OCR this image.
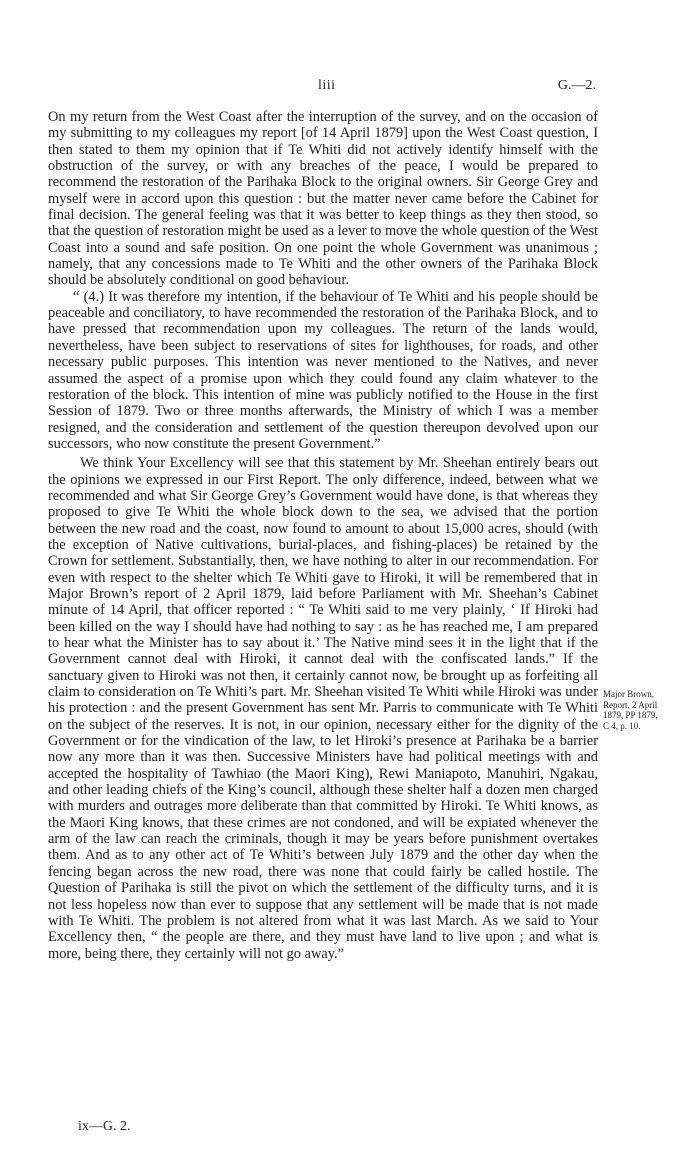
liii	G.—2.

On my return from the West Coast after the interruption of the survey, and on the occasion of my submitting to my colleagues my report [of 14 April 1879] upon the West Coast question, I then stated to them my opinion that if Te Whiti did not actively identify himself with the obstruction of the survey, or with any breaches of the peace, I would be prepared to recommend the restoration of the Parihaka Block to the original owners. Sir George Grey and myself were in accord upon this question : but the matter never came before the Cabinet for final decision. The general feeling was that it was better to keep things as they then stood, so that the question of restoration might be used as a lever to move the whole question of the West Coast into a sound and safe position. On one point the whole Government was unanimous ; namely, that any concessions made to Te Whiti and the other owners of the Parihaka Block should be absolutely conditional on good behaviour.

“ (4.) It was therefore my intention, if the behaviour of Te Whiti and his people should be peaceable and conciliatory, to have recommended the restoration of the Parihaka Block, and to have pressed that recommendation upon my colleagues. The return of the lands would, nevertheless, have been subject to reservations of sites for lighthouses, for roads, and other necessary public purposes. This intention was never mentioned to the Natives, and never assumed the aspect of a promise upon which they could found any claim whatever to the restoration of the block. This intention of mine was publicly notified to the House in the first Session of 1879. Two or three months afterwards, the Ministry of which I was a member resigned, and the consideration and settlement of the question thereupon devolved upon our successors, who now constitute the present Government.”

We think Your Excellency will see that this statement by Mr. Sheehan entirely bears out the opinions we expressed in our First Report. The only difference, indeed, between what we recommended and what Sir George Grey’s Government would have done, is that whereas they proposed to give Te Whiti the whole block down to the sea, we advised that the portion between the new road and the coast, now found to amount to about 15,000 acres, should (with the exception of Native cultivations, burial-places, and fishing-places) be retained by the Crown for settlement. Substantially, then, we have nothing to alter in our recommendation. For even with respect to the shelter which Te Whiti gave to Hiroki, it will be remembered that in Major Brown’s report of 2 April 1879, laid before Parliament with Mr. Sheehan’s Cabinet minute of 14 April, that officer reported : “ Te Whiti said to me very plainly, ‘ If Hiroki had been killed on the way I should have had nothing to say : as he has reached me, I am prepared to hear what the Minister has to say about it.’ The Native mind sees it in the light that if the Government cannot deal with Hiroki, it cannot deal with the confiscated lands.” If the sanctuary given to Hiroki was not then, it certainly cannot now, be brought up as forfeiting all claim to consideration on Te Whiti’s part. Mr. Sheehan visited Te Whiti while Hiroki was under his protection : and the present Government has sent Mr. Parris to communicate with Te Whiti on the subject of the reserves. It is not, in our opinion, necessary either for the dignity of the Government or for the vindication of the law, to let Hiroki’s presence at Parihaka be a barrier now any more than it was then. Successive Ministers have had political meetings with and accepted the hospitality of Tawhiao (the Maori King), Rewi Maniapoto, Manuhiri, Ngakau, and other leading chiefs of the King’s council, although these shelter half a dozen men charged with murders and outrages more deliberate than that committed by Hiroki. Te Whiti knows, as the Maori King knows, that these crimes are not condoned, and will be expiated whenever the arm of the law can reach the criminals, though it may be years before punishment overtakes them. And as to any other act of Te Whiti’s between July 1879 and the other day when the fencing began across the new road, there was none that could fairly be called hostile. The Question of Parihaka is still the pivot on which the settlement of the difficulty turns, and it is not less hopeless now than ever to suppose that any settlement will be made that is not made with Te Whiti. The problem is not altered from what it was last March. As we said to Your Excellency then, “ the people are there, and they must have land to live upon ; and what is more, being there, they certainly will not go away.”

Major Brown,
Report, 2 April
1879, PP 1879,
C 4, p. 10.
ix—G. 2.
